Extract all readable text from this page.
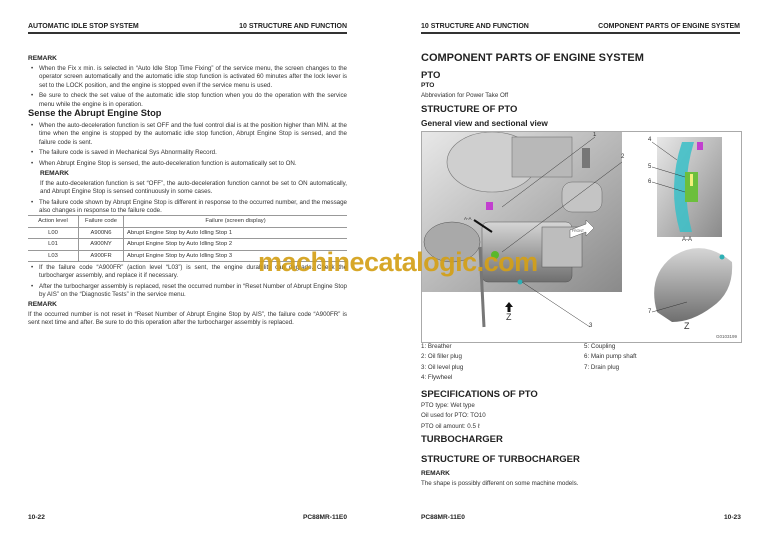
AUTOMATIC IDLE STOP SYSTEM	10 STRUCTURE AND FUNCTION
REMARK
• When the Fix x min. is selected in “Auto Idle Stop Time Fixing” of the service menu, the screen changes to the operator screen automatically and the automatic idle stop function is activated 60 minutes after the lock lever is set to the LOCK position, and the engine is stopped even if the service menu is used.
• Be sure to check the set value of the automatic idle stop function when you do the operation with the service menu while the engine is in operation.
Sense the Abrupt Engine Stop
• When the auto-deceleration function is set OFF and the fuel control dial is at the position higher than MIN. at the time when the engine is stopped by the automatic idle stop function, Abrupt Engine Stop is sensed, and the failure code is sent.
• The failure code is saved in Mechanical Sys Abnormality Record.
• When Abrupt Engine Stop is sensed, the auto-deceleration function is automatically set to ON.
REMARK
If the auto-deceleration function is set “OFF”, the auto-deceleration function cannot be set to ON automatically, and Abrupt Engine Stop is sensed continuously in some cases.
• The failure code shown by Abrupt Engine Stop is different in response to the occurred number, and the message also changes in response to the failure code.
Action level	Failure code	Failure (screen display)
L00	A900N6	Abrupt Engine Stop by Auto Idling Stop 1
L01	A900NY	Abrupt Engine Stop by Auto Idling Stop 2
L03	A900FR	Abrupt Engine Stop by Auto Idling Stop 3
• If the failure code “A900FR” (action level “L03”) is sent, the engine durability can degrade. Check the turbocharger assembly, and replace it if necessary.
• After the turbocharger assembly is replaced, reset the occurred number in “Reset Number of Abrupt Engine Stop by AIS” on the “Diagnostic Tests” in the service menu.
REMARK
If the occurred number is not reset in “Reset Number of Abrupt Engine Stop by AIS”, the failure code “A900FR” is sent next time and after. Be sure to do this operation after the turbocharger assembly is replaced.
10-22	PC88MR-11E0
10 STRUCTURE AND FUNCTION	COMPONENT PARTS OF ENGINE SYSTEM
COMPONENT PARTS OF ENGINE SYSTEM
PTO
PTO
Abbreviation for Power Take Off
STRUCTURE OF PTO
General view and sectional view
FRONT
1
2
3
4
5
6
7
A-A
A-A
Z
Z
G0103199
1: Breather
2: Oil filler plug
3: Oil level plug
4: Flywheel
5: Coupling
6: Main pump shaft
7: Drain plug
SPECIFICATIONS OF PTO
PTO type: Wet type
Oil used for PTO: TO10
PTO oil amount: 0.5 ℓ
TURBOCHARGER
STRUCTURE OF TURBOCHARGER
REMARK
The shape is possibly different on some machine models.
PC88MR-11E0	10-23
machinecatalogic.com
